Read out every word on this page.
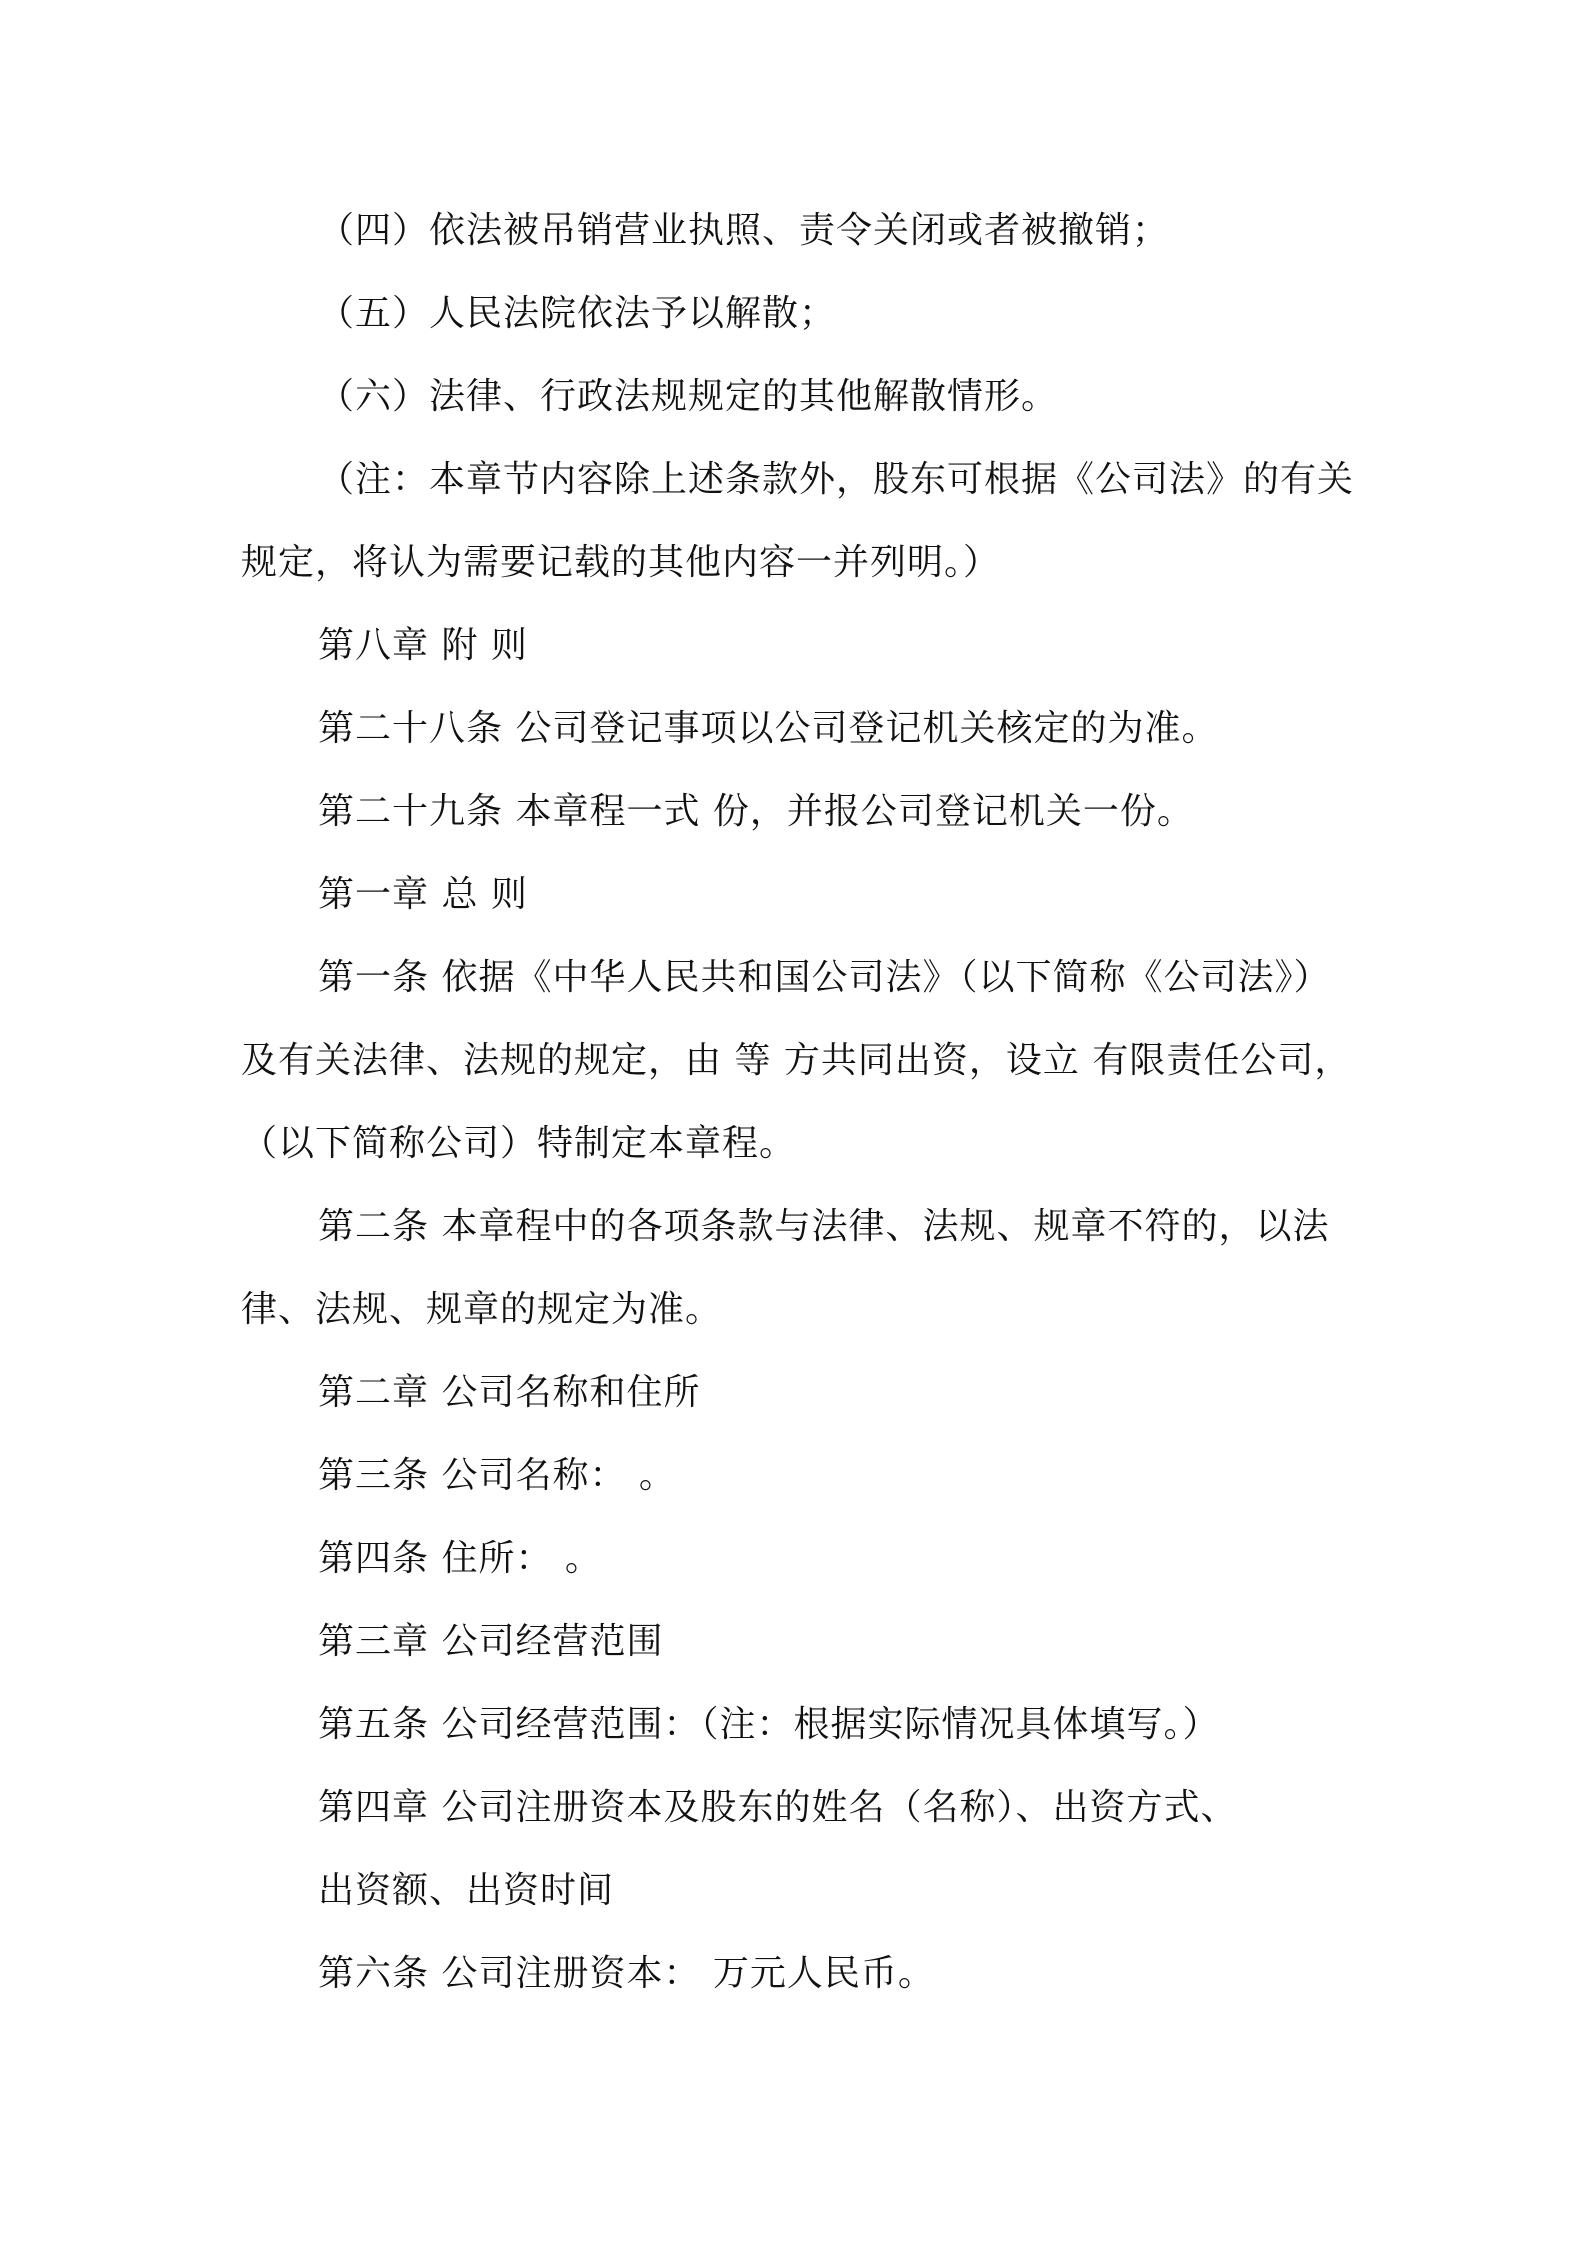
（四）依法被吊销营业执照、责令关闭或者被撤销；
（五）人民法院依法予以解散；
（六）法律、行政法规规定的其他解散情形。
（注：本章节内容除上述条款外，股东可根据《公司法》的有关
规定，将认为需要记载的其他内容一并列明。）
第八章 附 则
第二十八条 公司登记事项以公司登记机关核定的为准。
第二十九条 本章程一式 份，并报公司登记机关一份。
第一章 总 则
第一条 依据《中华人民共和国公司法》（以下简称《公司法》）
及有关法律、法规的规定，由 等 方共同出资，设立 有限责任公司，
（以下简称公司）特制定本章程。
第二条 本章程中的各项条款与法律、法规、规章不符的，以法
律、法规、规章的规定为准。
第二章 公司名称和住所
第三条 公司名称： 。
第四条 住所： 。
第三章 公司经营范围
第五条 公司经营范围：（注：根据实际情况具体填写。）
第四章 公司注册资本及股东的姓名（名称）、出资方式、
出资额、出资时间
第六条 公司注册资本： 万元人民币。
